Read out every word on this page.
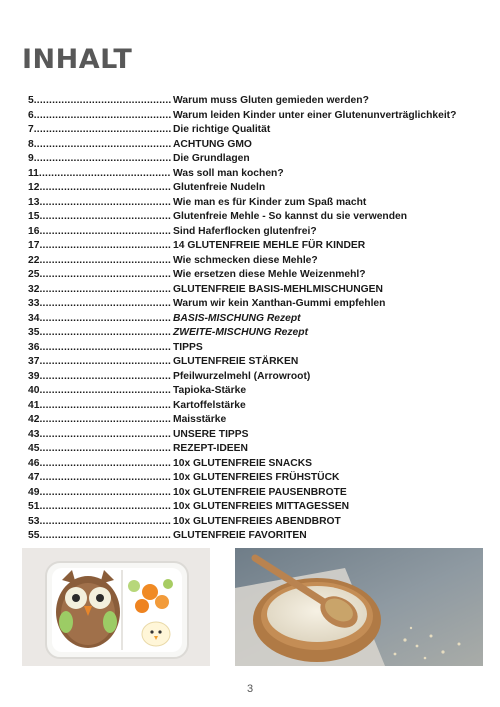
INHALT
5 .....	Warum muss Gluten gemieden werden?
6 .....	Warum leiden Kinder unter einer Glutenunverträglichkeit?
7 .....	Die richtige Qualität
8 .....	ACHTUNG GMO
9 .....	Die Grundlagen
11 .....	Was soll man kochen?
12 .....	Glutenfreie Nudeln
13 .....	Wie man es für Kinder zum Spaß macht
15 .....	Glutenfreie Mehle - So kannst du sie verwenden
16 .....	Sind Haferflocken glutenfrei?
17 .....	14 GLUTENFREIE MEHLE FÜR KINDER
22 .....	Wie schmecken diese Mehle?
25 .....	Wie ersetzen diese Mehle Weizenmehl?
32 .....	GLUTENFREIE BASIS-MEHLMISCHUNGEN
33 .....	Warum wir kein Xanthan-Gummi empfehlen
34 .....	BASIS-MISCHUNG Rezept
35 .....	ZWEITE-MISCHUNG Rezept
36 .....	TIPPS
37 .....	GLUTENFREIE STÄRKEN
39 .....	Pfeilwurzelmehl (Arrowroot)
40 .....	Tapioka-Stärke
41 .....	Kartoffelstärke
42 .....	Maisstärke
43 .....	UNSERE TIPPS
45 .....	REZEPT-IDEEN
46 .....	10x GLUTENFREIE SNACKS
47 .....	10x GLUTENFREIES FRÜHSTÜCK
49 .....	10x GLUTENFREIE PAUSENBROTE
51 .....	10x GLUTENFREIES MITTAGESSEN
53 .....	10x GLUTENFREIES ABENDBROT
55 .....	GLUTENFREIE FAVORITEN
3
